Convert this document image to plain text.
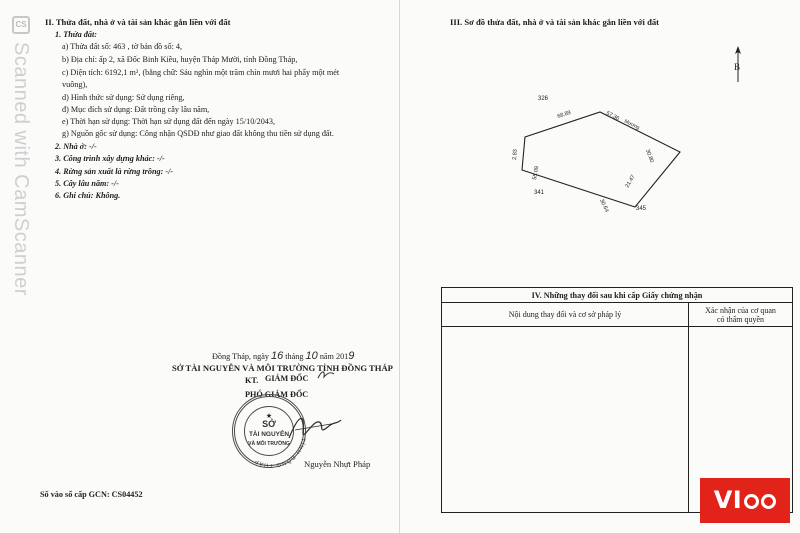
CS
Scanned with CamScanner
II. Thửa đất, nhà ở và tài sản khác gắn liền với đất
1. Thửa đất:
a) Thửa đất số: 463 , tờ bản đồ số: 4,
b) Địa chỉ: ấp 2, xã Đốc Binh Kiều, huyện Tháp Mười, tỉnh Đồng Tháp,
c) Diện tích: 6192,1 m², (bằng chữ: Sáu nghìn một trăm chín mươi hai phẩy một mét
vuông),
d) Hình thức sử dụng: Sử dụng riêng,
đ) Mục đích sử dụng: Đất trồng cây lâu năm,
e) Thời hạn sử dụng: Thời hạn sử dụng đất đến ngày 15/10/2043,
g) Nguồn gốc sử dụng: Công nhận QSDĐ như giao đất không thu tiền sử dụng đất.
2. Nhà ở: -/-
3. Công trình xây dựng khác: -/-
4. Rừng sản xuất là rừng trồng: -/-
5. Cây lâu năm: -/-
6. Ghi chú: Không.
Đồng Tháp, ngày 16 tháng 10 năm 2019
SỞ TÀI NGUYÊN VÀ MÔI TRƯỜNG TỈNH ĐỒNG THÁP
KT. GIÁM ĐỐC
PHÓ GIÁM ĐỐC
TỈNH ĐỒNG THÁP
★
SỞ
TÀI NGUYÊN
VÀ MÔI TRƯỜNG
Nguyễn Nhựt Pháp
Số vào sổ cấp GCN: CS04452
III. Sơ đồ thửa đất, nhà ở và tài sản khác gắn liền với đất
B
326
341
345
68.89	57.36
2.83
55.09
30.80
30.64
21.47
Mương
IV. Những thay đổi sau khi cấp Giấy chứng nhận
Nội dung thay đổi và cơ sở pháp lý	Xác nhận của cơ quan
có thẩm quyền
VI
